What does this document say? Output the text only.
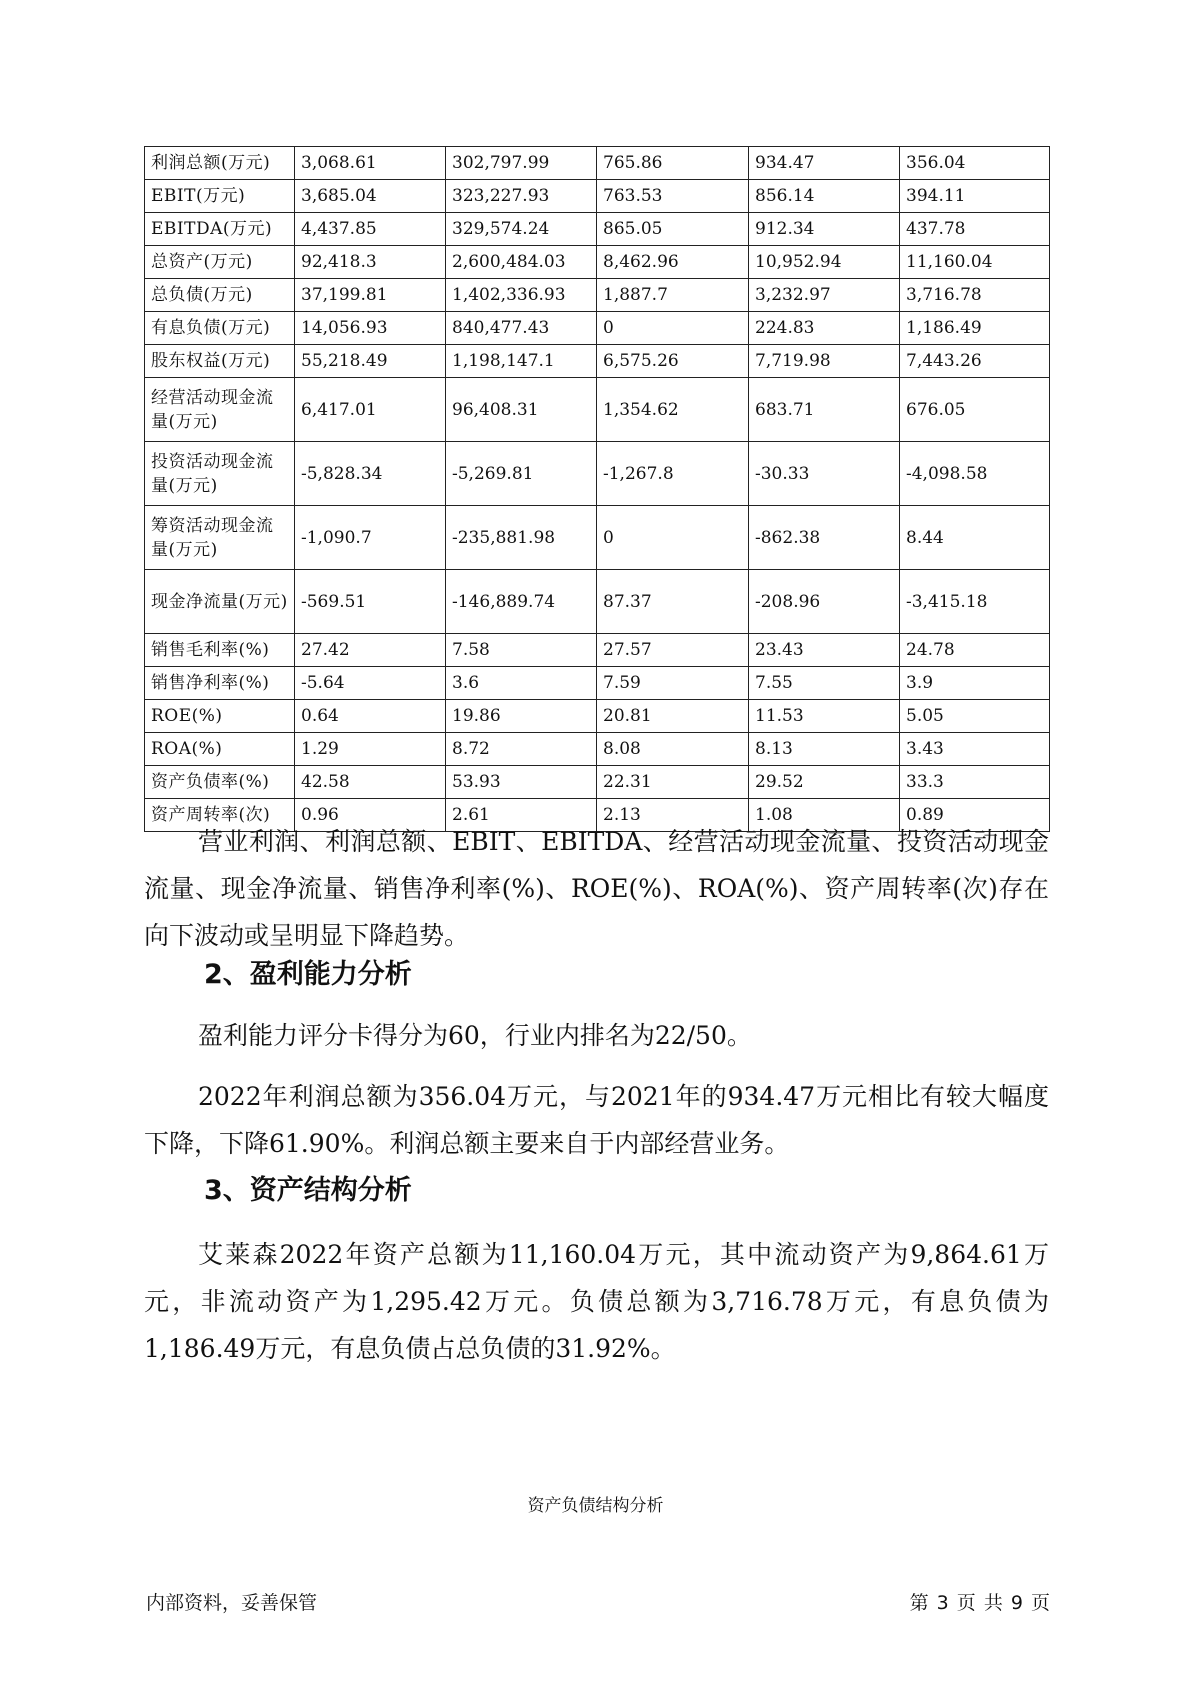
利润总额(万元)	3,068.61	302,797.99	765.86	934.47	356.04
EBIT(万元)	3,685.04	323,227.93	763.53	856.14	394.11
EBITDA(万元)	4,437.85	329,574.24	865.05	912.34	437.78
总资产(万元)	92,418.3	2,600,484.03	8,462.96	10,952.94	11,160.04
总负债(万元)	37,199.81	1,402,336.93	1,887.7	3,232.97	3,716.78
有息负债(万元)	14,056.93	840,477.43	0	224.83	1,186.49
股东权益(万元)	55,218.49	1,198,147.1	6,575.26	7,719.98	7,443.26
经营活动现金流量(万元)	6,417.01	96,408.31	1,354.62	683.71	676.05
投资活动现金流量(万元)	-5,828.34	-5,269.81	-1,267.8	-30.33	-4,098.58
筹资活动现金流量(万元)	-1,090.7	-235,881.98	0	-862.38	8.44
现金净流量(万元)	-569.51	-146,889.74	87.37	-208.96	-3,415.18
销售毛利率(%)	27.42	7.58	27.57	23.43	24.78
销售净利率(%)	-5.64	3.6	7.59	7.55	3.9
ROE(%)	0.64	19.86	20.81	11.53	5.05
ROA(%)	1.29	8.72	8.08	8.13	3.43
资产负债率(%)	42.58	53.93	22.31	29.52	33.3
资产周转率(次)	0.96	2.61	2.13	1.08	0.89

营业利润、利润总额、EBIT、EBITDA、经营活动现金流量、投资活动现金流量、现金净流量、销售净利率(%)、ROE(%)、ROA(%)、资产周转率(次)存在向下波动或呈明显下降趋势。

2、盈利能力分析

盈利能力评分卡得分为60，行业内排名为22/50。

2022年利润总额为356.04万元，与2021年的934.47万元相比有较大幅度下降，下降61.90%。利润总额主要来自于内部经营业务。

3、资产结构分析

艾莱森2022年资产总额为11,160.04万元，其中流动资产为9,864.61万元，非流动资产为1,295.42万元。负债总额为3,716.78万元，有息负债为1,186.49万元，有息负债占总负债的31.92%。

资产负债结构分析

内部资料，妥善保管	第 3 页 共 9 页
